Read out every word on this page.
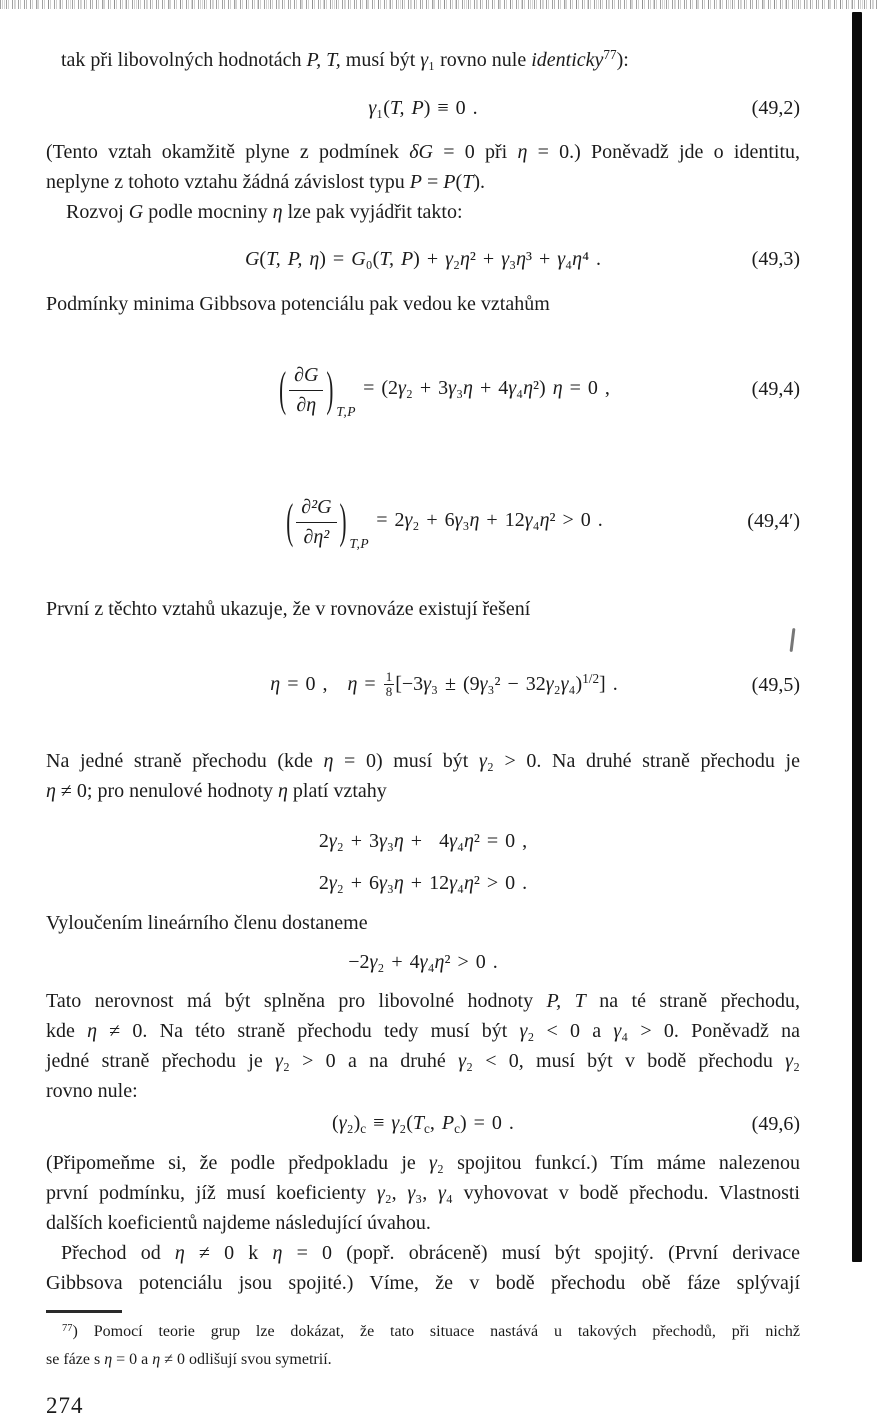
tak při libovolných hodnotách P, T, musí být γ₁ rovno nule identicky$^{77}$):
γ₁(T, P) ≡ 0 .	(49,2)
(Tento vztah okamžitě plyne z podmínek δG = 0 při η = 0.) Poněvadž jde o identitu,
neplyne z tohoto vztahu žádná závislost typu P = P(T).
Rozvoj G podle mocniny η lze pak vyjádřit takto:
G(T, P, η) = G₀(T, P) + γ₂η² + γ₃η³ + γ₄η⁴ .	(49,3)
Podmínky minima Gibbsova potenciálu pak vedou ke vztahům

( $\frac{\partial G}{\partial\eta}$ ) T,P= (2γ₂ + 3γ₃η + 4γ₄η²) η = 0 ,
	(49,4)

( $\frac{\text{∂²G}}{\text{∂η²}}$ ) T,P= 2γ₂ + 6γ₃η + 12γ₄η² > 0 .
	(49,4′)
První z těchto vztahů ukazuje, že v rovnováze existují řešení

η = 0 ,  $\eta = \frac{1}{8} [-3\gamma_3 \pm (9\gamma_3^2 - 32\gamma_2\gamma_4)^{1/2}]$ .
	(49,5)
Na jedné straně přechodu (kde η = 0) musí být γ₂ > 0. Na druhé straně přechodu je
η ≠ 0; pro nenulové hodnoty η platí vztahy
2γ₂ + 3γ₃η +  4γ₄η² = 0 ,
2γ₂ + 6γ₃η + 12γ₄η² > 0 .
Vyloučením lineárního členu dostaneme
−2γ₂ + 4γ₄η² > 0 .
Tato nerovnost má být splněna pro libovolné hodnoty P, T na té straně přechodu,
kde η ≠ 0. Na této straně přechodu tedy musí být γ₂ < 0 a γ₄ > 0. Poněvadž na
jedné straně přechodu je γ₂ > 0 a na druhé γ₂ < 0, musí být v bodě přechodu γ₂
rovno nule:
(γ₂)c ≡ γ₂(Tc, Pc) = 0 .	(49,6)
(Připomeňme si, že podle předpokladu je γ₂ spojitou funkcí.) Tím máme nalezenou
první podmínku, jíž musí koeficienty γ₂, γ₃, γ₄ vyhovovat v bodě přechodu. Vlastnosti
dalších koeficientů najdeme následující úvahou.
Přechod od η ≠ 0 k η = 0 (popř. obráceně) musí být spojitý. (První derivace
Gibbsova potenciálu jsou spojité.) Víme, že v bodě přechodu obě fáze splývají
$^{77}$) Pomocí teorie grup lze dokázat, že tato situace nastává u takových přechodů, při nichž
se fáze s η = 0 a η ≠ 0 odlišují svou symetrií.
274
